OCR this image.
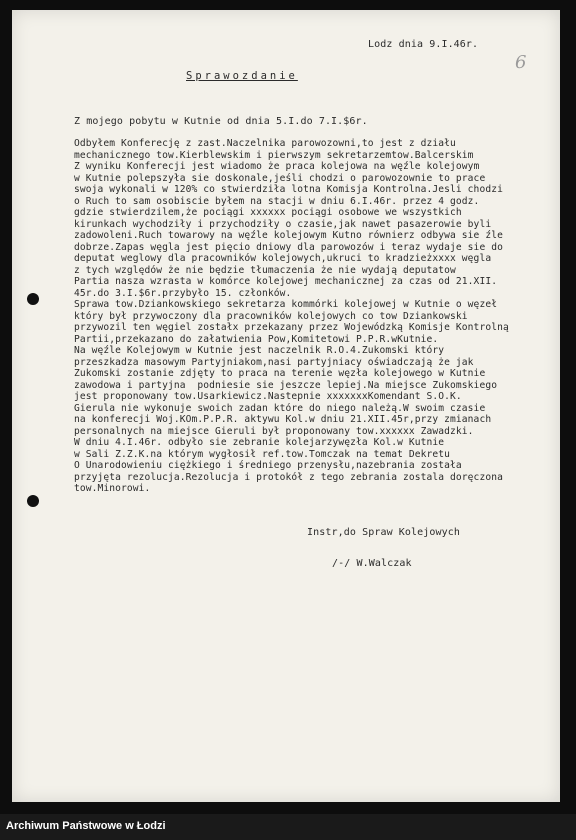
Lodz dnia 9.I.46r.
6
Sprawozdanie
Z mojego pobytu w Kutnie od dnia 5.I.do 7.I.$6r.
Odbyłem Konferecję z zast.Naczelnika parowozowni,to jest z działu
mechanicznego tow.Kierblewskim i pierwszym sekretarzemtow.Balcerskim
Z wyniku Konferecji jest wiadomo że praca kolejowa na węźle kolejowym
w Kutnie polepszyła sie doskonale,jeśli chodzi o parowozownie to prace
swoja wykonali w 120% co stwierdziła lotna Komisja Kontrolna.Jesli chodzi
o Ruch to sam osobiscie byłem na stacji w dniu 6.I.46r. przez 4 godz.
gdzie stwierdzilem,że pociągi xxxxxx pociągi osobowe we wszystkich
kirunkach wychodziły i przychodziły o czasie,jak nawet pasazerowie byli
zadowoleni.Ruch towarowy na węźle kolejowym Kutno równierz odbywa sie źle
dobrze.Zapas węgla jest pięcio dniowy dla parowozów i teraz wydaje sie do
deputat weglowy dla pracowników kolejowych,ukruci to kradzieżxxxx węgla
z tych względów że nie będzie tłumaczenia że nie wydają deputatow
Partia nasza wzrasta w komórce kolejowej mechanicznej za czas od 21.XII.
45r.do 3.I.$6r.przybyło 15. członków.
Sprawa tow.Dziankowskiego sekretarza kommórki kolejowej w Kutnie o węzeł
który był przywoczony dla pracowników kolejowych co tow Dziankowski
przywozil ten węgiel zostałx przekazany przez Wojewódzką Komisje Kontrolną
Partii,przekazano do załatwienia Pow,Komitetowi P.P.R.wKutnie.
Na węźle Kolejowym w Kutnie jest naczelnik R.O.4.Zukomski który
przeszkadza masowym Partyjniakom,nasi partyjniacy oświadczają że jak
Zukomski zostanie zdjęty to praca na terenie węzła kolejowego w Kutnie
zawodowa i partyjna  podniesie sie jeszcze lepiej.Na miejsce Zukomskiego
jest proponowany tow.Usarkiewicz.Nastepnie xxxxxxxKomendant S.O.K.
Gierula nie wykonuje swoich zadan które do niego należą.W swoim czasie
na konferecji Woj.KOm.P.P.R. aktywu Kol.w dniu 21.XII.45r,przy zmianach
personalnych na miejsce Gieruli był proponowany tow.xxxxxx Zawadzki.
W dniu 4.I.46r. odbyło sie zebranie kolejarzywęzła Kol.w Kutnie
w Sali Z.Z.K.na którym wygłosił ref.tow.Tomczak na temat Dekretu
O Unarodowieniu ciężkiego i średniego przenysłu,nazebrania została
przyjęta rezolucja.Rezolucja i protokół z tego zebrania zostala doręczona
tow.Minorowi.
Instr,do Spraw Kolejowych
/-/ W.Walczak
Archiwum Państwowe w Łodzi
